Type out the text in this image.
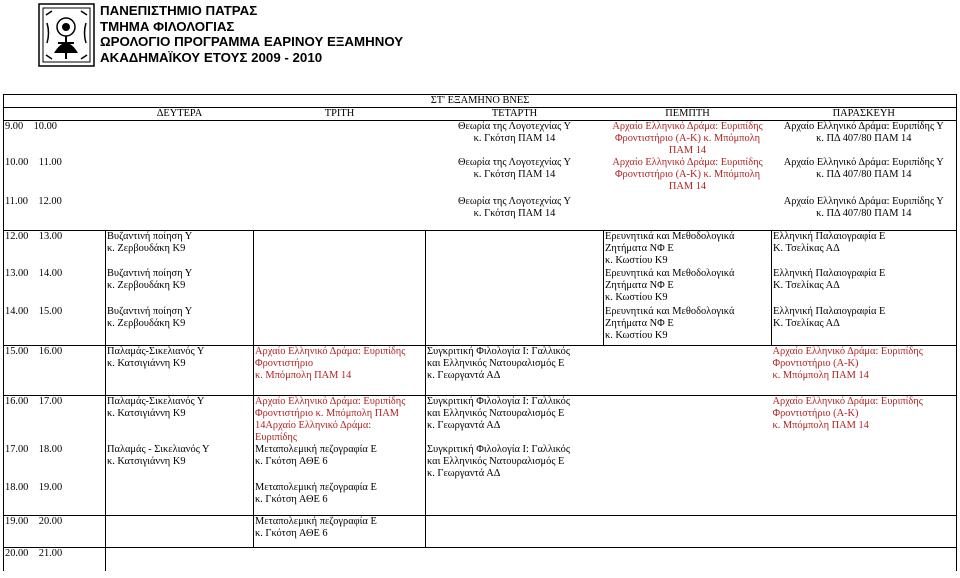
ΠΑΝΕΠΙΣΤΗΜΙΟ ΠΑΤΡΑΣ
ΤΜΗΜΑ ΦΙΛΟΛΟΓΙΑΣ
ΩΡΟΛΟΓΙΟ ΠΡΟΓΡΑΜΜΑ ΕΑΡΙΝΟΥ ΕΞΑΜΗΝΟΥ
ΑΚΑΔΗΜΑΪΚΟΥ ΕΤΟΥΣ 2009 - 2010
ΣΤ' ΕΞΑΜΗΝΟ ΒΝΕΣ					
	ΔΕΥΤΕΡΑ	ΤΡΙΤΗ	ΤΕΤΑΡΤΗ	ΠΕΜΠΤΗ	ΠΑΡΑΣΚΕΥΗ
9.00    10.00			Θεωρία της Λογοτεχνίας Υ
κ. Γκότση ΠΑΜ 14	Αρχαίο Ελληνικό Δράμα: Ευριπίδης
Φροντιστήριο (Α-Κ) κ. Μπόμπολη
ΠΑΜ 14	Αρχαίο Ελληνικό Δράμα: Ευριπίδης Υ
κ. ΠΔ 407/80 ΠΑΜ 14

10.00    11.00			Θεωρία της Λογοτεχνίας Υ
κ. Γκότση ΠΑΜ 14	Αρχαίο Ελληνικό Δράμα: Ευριπίδης
Φροντιστήριο (Α-Κ) κ. Μπόμπολη
ΠΑΜ 14	Αρχαίο Ελληνικό Δράμα: Ευριπίδης Υ
κ. ΠΔ 407/80 ΠΑΜ 14

11.00    12.00			Θεωρία της Λογοτεχνίας Υ
κ. Γκότση ΠΑΜ 14		Αρχαίο Ελληνικό Δράμα: Ευριπίδης Υ
κ. ΠΔ 407/80 ΠΑΜ 14

12.00    13.00	Βυζαντινή ποίηση Υ
κ. Ζερβουδάκη Κ9			Ερευνητικά και Μεθοδολογικά
Ζητήματα ΝΦ Ε
κ. Κωστίου Κ9	Ελληνική Παλαιογραφία Ε
Κ. Τσελίκας ΑΔ

13.00    14.00	Βυζαντινή ποίηση Υ
κ. Ζερβουδάκη Κ9			Ερευνητικά και Μεθοδολογικά
Ζητήματα ΝΦ Ε
κ. Κωστίου Κ9	Ελληνική Παλαιογραφία Ε
Κ. Τσελίκας ΑΔ

14.00    15.00	Βυζαντινή ποίηση Υ
κ. Ζερβουδάκη Κ9			Ερευνητικά και Μεθοδολογικά
Ζητήματα ΝΦ Ε
κ. Κωστίου Κ9	Ελληνική Παλαιογραφία Ε
Κ. Τσελίκας ΑΔ

15.00    16.00	Παλαμάς-Σικελιανός Υ
κ. Κατσιγιάννη Κ9	Αρχαίο Ελληνικό Δράμα: Ευριπίδης
Φροντιστήριο
κ. Μπόμπολη ΠΑΜ 14	Συγκριτική Φιλολογία Ι: Γαλλικός
και Ελληνικός Νατουραλισμός Ε
κ. Γεωργαντά ΑΔ		Αρχαίο Ελληνικό Δράμα: Ευριπίδης
Φροντιστήριο (Α-Κ)
κ. Μπόμπολη ΠΑΜ 14

16.00    17.00	Παλαμάς-Σικελιανός Υ
κ. Κατσιγιάννη Κ9	Αρχαίο Ελληνικό Δράμα: Ευριπίδης
Φροντιστήριο κ. Μπόμπολη ΠΑΜ
14Αρχαίο Ελληνικό Δράμα:
Ευριπίδης	Συγκριτική Φιλολογία Ι: Γαλλικός
και Ελληνικός Νατουραλισμός Ε
κ. Γεωργαντά ΑΔ		Αρχαίο Ελληνικό Δράμα: Ευριπίδης
Φροντιστήριο (Α-Κ)
κ. Μπόμπολη ΠΑΜ 14

17.00    18.00	Παλαμάς - Σικελιανός Υ
κ. Κατσιγιάννη Κ9	Μεταπολεμική πεζογραφία Ε
κ. Γκότση ΑΘΕ 6	Συγκριτική Φιλολογία Ι: Γαλλικός
και Ελληνικός Νατουραλισμός Ε
κ. Γεωργαντά ΑΔ		

18.00    19.00		Μεταπολεμική πεζογραφία Ε
κ. Γκότση ΑΘΕ 6			

19.00    20.00		Μεταπολεμική πεζογραφία Ε
κ. Γκότση ΑΘΕ 6			

20.00    21.00					
